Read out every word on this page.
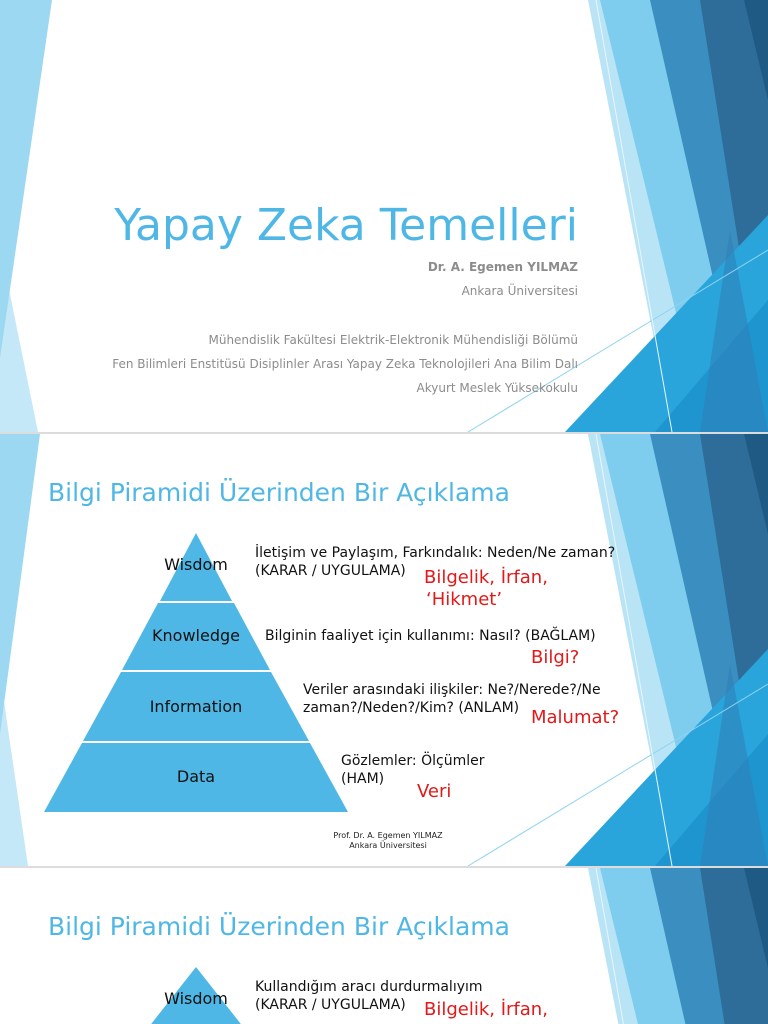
Yapay Zeka Temelleri
Dr. A. Egemen YILMAZ
Ankara Üniversitesi
Mühendislik Fakültesi Elektrik-Elektronik Mühendisliği Bölümü
Fen Bilimleri Enstitüsü Disiplinler Arası Yapay Zeka Teknolojileri Ana Bilim Dalı
Akyurt Meslek Yüksekokulu
Bilgi Piramidi Üzerinden Bir Açıklama
Wisdom
Knowledge
Information
Data
İletişim ve Paylaşım, Farkındalık: Neden/Ne zaman?
(KARAR / UYGULAMA)	Bilgelik, İrfan,
‘Hikmet’
Bilginin faaliyet için kullanımı: Nasıl? (BAĞLAM)
Bilgi?
Veriler arasındaki ilişkiler: Ne?/Nerede?/Ne
zaman?/Neden?/Kim? (ANLAM) Malumat?
Gözlemler: Ölçümler
(HAM)
Veri
Prof. Dr. A. Egemen YILMAZ
Ankara Üniversitesi
Bilgi Piramidi Üzerinden Bir Açıklama
Wisdom
Kullandığım aracı durdurmalıyım
(KARAR / UYGULAMA)	Bilgelik, İrfan,
